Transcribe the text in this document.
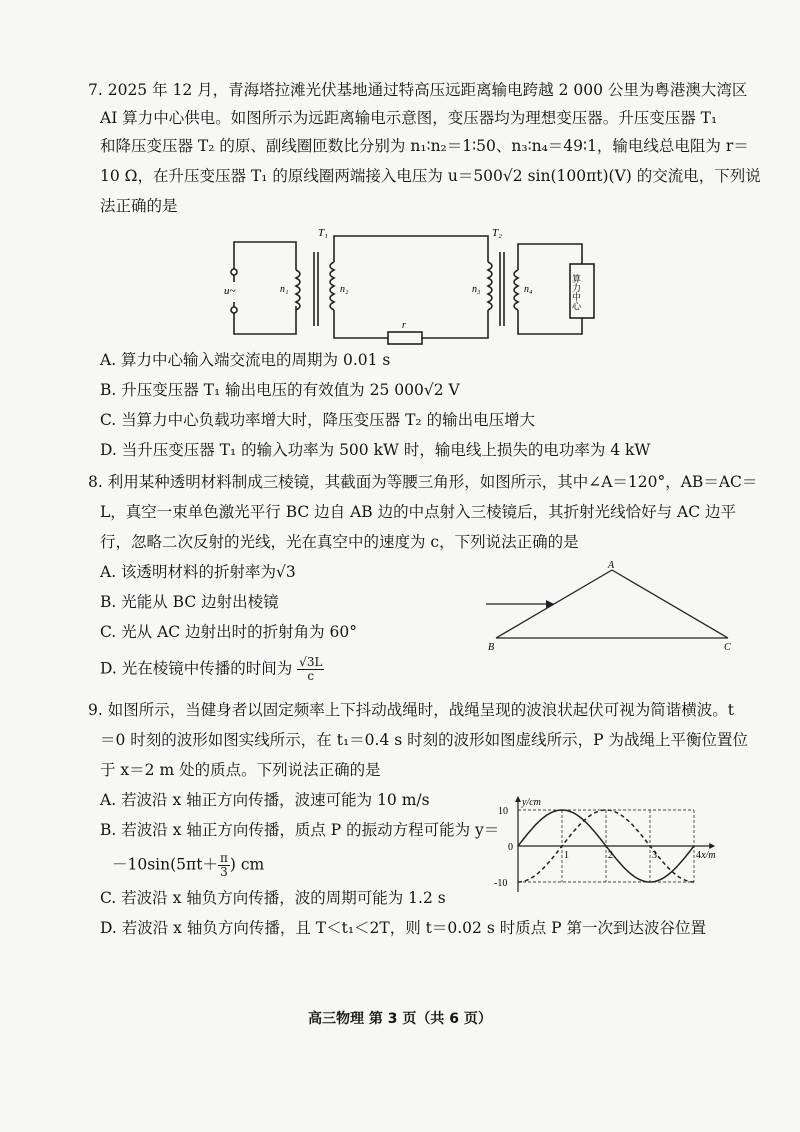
7. 2025 年 12 月，青海塔拉滩光伏基地通过特高压远距离输电跨越 2 000 公里为粤港澳大湾区
AI 算力中心供电。如图所示为远距离输电示意图，变压器均为理想变压器。升压变压器 T₁
和降压变压器 T₂ 的原、副线圈匝数比分别为 n₁∶n₂＝1∶50、n₃∶n₄＝49∶1，输电线总电阻为 r＝
10 Ω，在升压变压器 T₁ 的原线圈两端接入电压为 u＝500√2 sin(100πt)(V) 的交流电，下列说
法正确的是
T₁	T₂
u~	n₁	n₂	n₃	n₄
r
算力中心
A. 算力中心输入端交流电的周期为 0.01 s
B. 升压变压器 T₁ 输出电压的有效值为 25 000√2 V
C. 当算力中心负载功率增大时，降压变压器 T₂ 的输出电压增大
D. 当升压变压器 T₁ 的输入功率为 500 kW 时，输电线上损失的电功率为 4 kW
8. 利用某种透明材料制成三棱镜，其截面为等腰三角形，如图所示，其中∠A＝120°，AB＝AC＝
L，真空一束单色激光平行 BC 边自 AB 边的中点射入三棱镜后，其折射光线恰好与 AC 边平
行，忽略二次反射的光线，光在真空中的速度为 c，下列说法正确的是
A. 该透明材料的折射率为√3
B. 光能从 BC 边射出棱镜
C. 光从 AC 边射出时的折射角为 60°
D. 光在棱镜中传播的时间为 $\frac{√3L}{c}$
A
B	C
9. 如图所示，当健身者以固定频率上下抖动战绳时，战绳呈现的波浪状起伏可视为简谐横波。t
＝0 时刻的波形如图实线所示，在 t₁＝0.4 s 时刻的波形如图虚线所示，P 为战绳上平衡位置位
于 x＝2 m 处的质点。下列说法正确的是
A. 若波沿 x 轴正方向传播，波速可能为 10 m/s
B. 若波沿 x 轴正方向传播，质点 P 的振动方程可能为 y＝
$-10\sin(5\pi t+ \frac{\pi}{3}$ ) cm
C. 若波沿 x 轴负方向传播，波的周期可能为 1.2 s
D. 若波沿 x 轴负方向传播，且 T＜t₁＜2T，则 t＝0.02 s 时质点 P 第一次到达波谷位置
y/cm
x/m
10
-10
0
1	2	3	4
高三物理 第 3 页（共 6 页）
